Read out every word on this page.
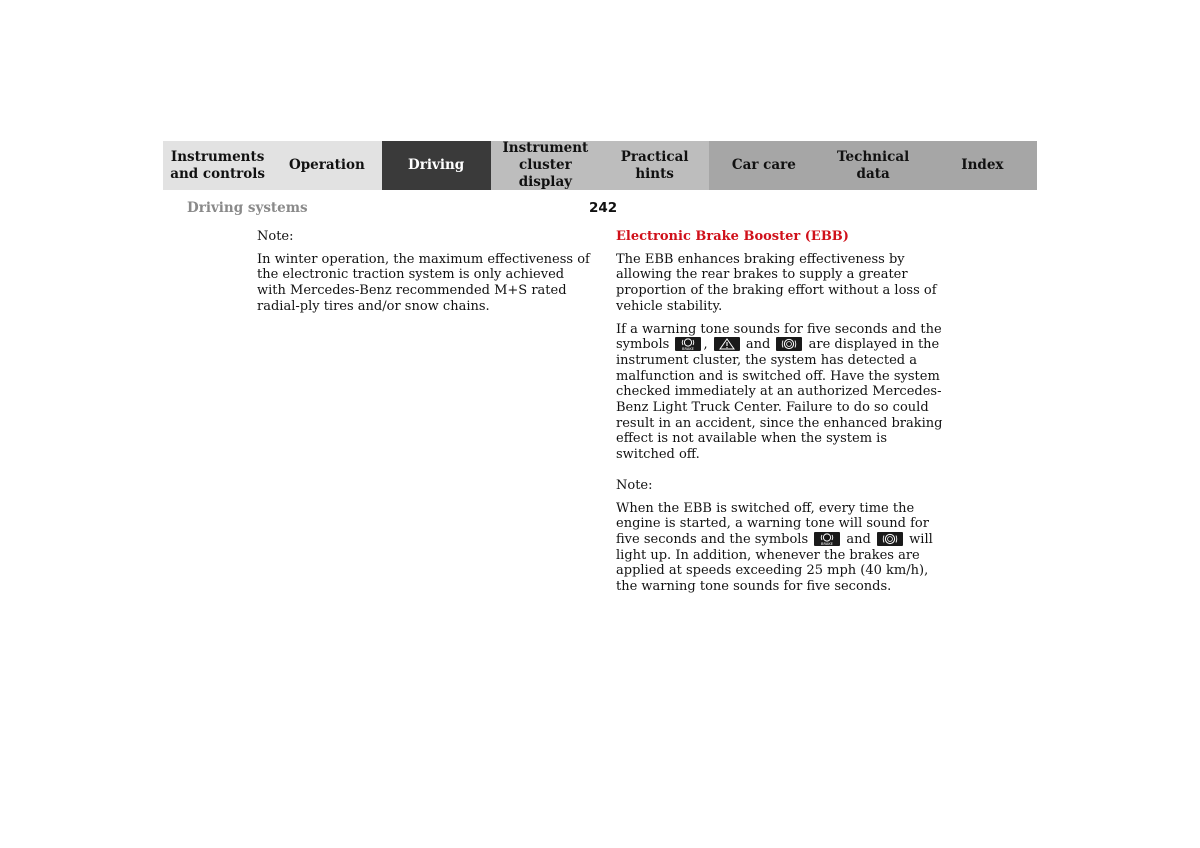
Instruments
and controls
Operation	Driving
Instrument
cluster display
Practical hints
Car care
Technical
data
Index
Driving systems	242

Note:

In winter operation, the maximum effectiveness of the electronic traction system is only achieved with Mercedes-Benz recommended M+S rated radial-ply tires and/or snow chains.

Electronic Brake Booster (EBB)

The EBB enhances braking effectiveness by allowing the rear brakes to supply a greater proportion of the braking effort without a loss of vehicle stability.

If a warning tone sounds for five seconds and the symbols	BRAKE ,	and	are displayed in the instrument cluster, the system has detected a malfunction and is switched off. Have the system checked immediately at an authorized Mercedes-Benz Light Truck Center. Failure to do so could result in an accident, since the enhanced braking effect is not available when the system is switched off.

Note:

When the EBB is switched off, every time the engine is started, a warning tone will sound for five seconds and the symbols	BRAKE and	will light up. In addition, whenever the brakes are applied at speeds exceeding 25 mph (40 km/h), the warning tone sounds for five seconds.
